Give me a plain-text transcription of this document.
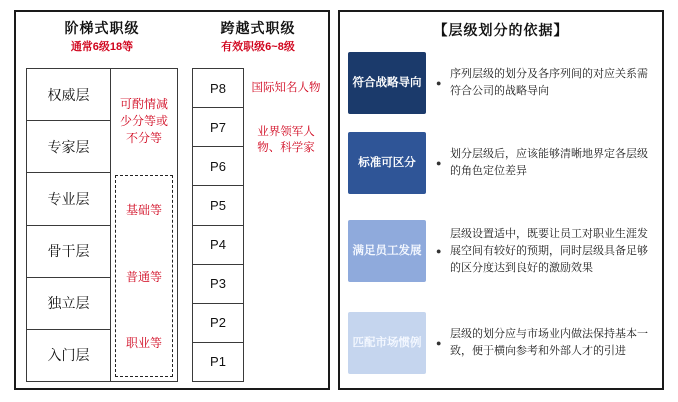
阶梯式职级
通常6级18等
跨越式职级
有效职级6~8级
权威层
专家层
专业层
骨干层
独立层
入门层
可酌情减少分等或不分等
基础等
普通等
职业等
P8
P7
P6
P5
P4
P3
P2
P1
国际知名人物
业界领军人物、科学家
【层级划分的依据】
符合 战略导向 ●
序列层级的划分及各序列间的对应关系需符合公司的战略导向
标准 可区分 ●
划分层级后，应该能够清晰地界定各层级的角色定位差异
满足 员工发展 ●
层级设置适中，既要让员工对职业生涯发展空间有较好的预期，同时层级具备足够的区分度达到良好的激励效果
匹配 市场惯例 ●
层级的划分应与市场业内做法保持基本一致，便于横向参考和外部人才的引进
